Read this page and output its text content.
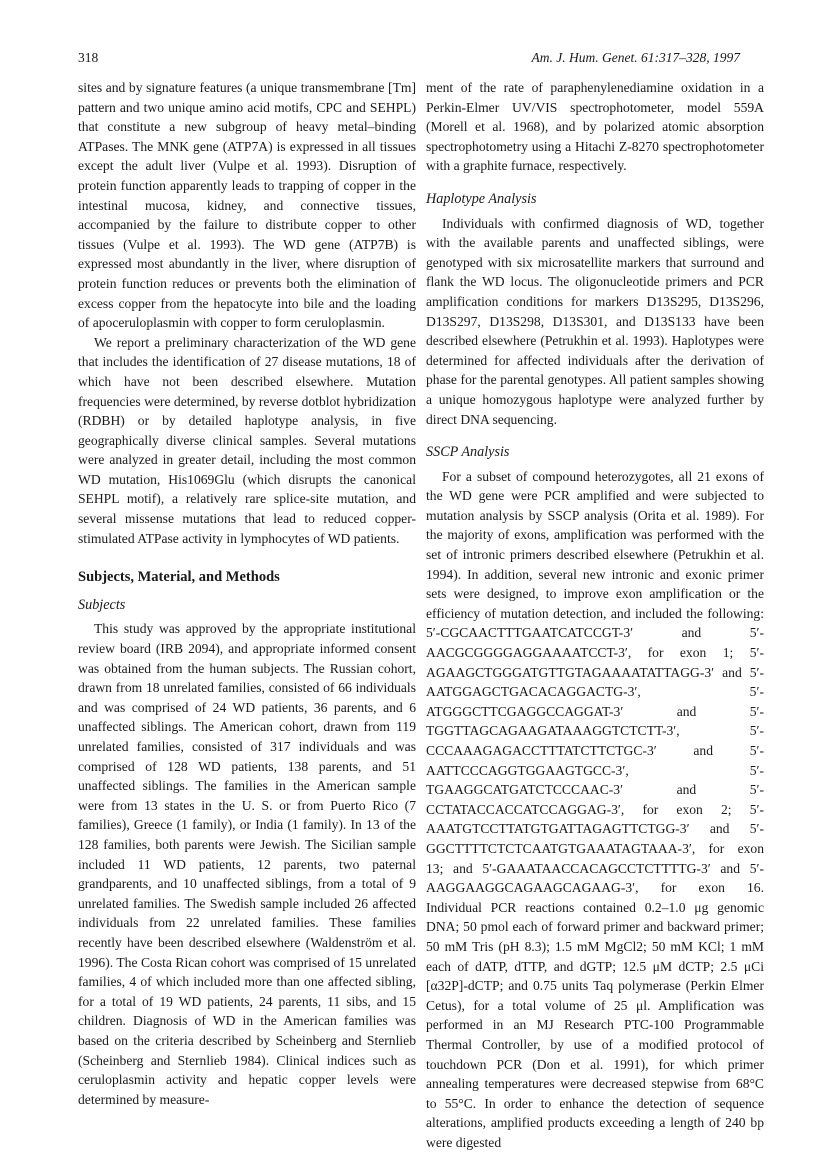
318	Am. J. Hum. Genet. 61:317–328, 1997

sites and by signature features (a unique transmembrane [Tm] pattern and two unique amino acid motifs, CPC and SEHPL) that constitute a new subgroup of heavy metal–binding ATPases. The MNK gene (ATP7A) is expressed in all tissues except the adult liver (Vulpe et al. 1993). Disruption of protein function apparently leads to trapping of copper in the intestinal mucosa, kidney, and connective tissues, accompanied by the failure to distribute copper to other tissues (Vulpe et al. 1993). The WD gene (ATP7B) is expressed most abundantly in the liver, where disruption of protein function reduces or prevents both the elimination of excess copper from the hepatocyte into bile and the loading of apoceruloplasmin with copper to form ceruloplasmin.

We report a preliminary characterization of the WD gene that includes the identification of 27 disease mutations, 18 of which have not been described elsewhere. Mutation frequencies were determined, by reverse dotblot hybridization (RDBH) or by detailed haplotype analysis, in five geographically diverse clinical samples. Several mutations were analyzed in greater detail, including the most common WD mutation, His1069Glu (which disrupts the canonical SEHPL motif), a relatively rare splice-site mutation, and several missense mutations that lead to reduced copper-stimulated ATPase activity in lymphocytes of WD patients.

Subjects, Material, and Methods
Subjects

This study was approved by the appropriate institutional review board (IRB 2094), and appropriate informed consent was obtained from the human subjects. The Russian cohort, drawn from 18 unrelated families, consisted of 66 individuals and was comprised of 24 WD patients, 36 parents, and 6 unaffected siblings. The American cohort, drawn from 119 unrelated families, consisted of 317 individuals and was comprised of 128 WD patients, 138 parents, and 51 unaffected siblings. The families in the American sample were from 13 states in the U. S. or from Puerto Rico (7 families), Greece (1 family), or India (1 family). In 13 of the 128 families, both parents were Jewish. The Sicilian sample included 11 WD patients, 12 parents, two paternal grandparents, and 10 unaffected siblings, from a total of 9 unrelated families. The Swedish sample included 26 affected individuals from 22 unrelated families. These families recently have been described elsewhere (Waldenström et al. 1996). The Costa Rican cohort was comprised of 15 unrelated families, 4 of which included more than one affected sibling, for a total of 19 WD patients, 24 parents, 11 sibs, and 15 children. Diagnosis of WD in the American families was based on the criteria described by Scheinberg and Sternlieb (Scheinberg and Sternlieb 1984). Clinical indices such as ceruloplasmin activity and hepatic copper levels were determined by measure-

ment of the rate of paraphenylenediamine oxidation in a Perkin-Elmer UV/VIS spectrophotometer, model 559A (Morell et al. 1968), and by polarized atomic absorption spectrophotometry using a Hitachi Z-8270 spectrophotometer with a graphite furnace, respectively.

Haplotype Analysis

Individuals with confirmed diagnosis of WD, together with the available parents and unaffected siblings, were genotyped with six microsatellite markers that surround and flank the WD locus. The oligonucleotide primers and PCR amplification conditions for markers D13S295, D13S296, D13S297, D13S298, D13S301, and D13S133 have been described elsewhere (Petrukhin et al. 1993). Haplotypes were determined for affected individuals after the derivation of phase for the parental genotypes. All patient samples showing a unique homozygous haplotype were analyzed further by direct DNA sequencing.

SSCP Analysis

For a subset of compound heterozygotes, all 21 exons of the WD gene were PCR amplified and were subjected to mutation analysis by SSCP analysis (Orita et al. 1989). For the majority of exons, amplification was performed with the set of intronic primers described elsewhere (Petrukhin et al. 1994). In addition, several new intronic and exonic primer sets were designed, to improve exon amplification or the efficiency of mutation detection, and included the following: 5′-CGCAACTTTGAATCATCCGT-3′ and 5′-AACGCGGGGAGGAAAATCCT-3′, for exon 1; 5′-AGAAGCTGGGATGTTGTAGAAAATATTAGG-3′ and 5′-AATGGAGCTGACACAGGACTG-3′, 5′-ATGGGCTTCGAGGCCAGGAT-3′ and 5′-TGGTTAGCAGAAGATAAAGGTCTCTT-3′, 5′-CCCAAAGAGACCTTTATCTTCTGC-3′ and 5′-AATTCCCAGGTGGAAGTGCC-3′, 5′-TGAAGGCATGATCTCCCAAC-3′ and 5′-CCTATACCACCATCCAGGAG-3′, for exon 2; 5′-AAATGTCCTTATGTGATTAGAGTTCTGG-3′ and 5′-GGCTTTTCTCTCAATGTGAAATAGTAAA-3′, for exon 13; and 5′-GAAATAACCACAGCCTCTTTTG-3′ and 5′-AAGGAAGGCAGAAGCAGAAG-3′, for exon 16. Individual PCR reactions contained 0.2–1.0 μg genomic DNA; 50 pmol each of forward primer and backward primer; 50 mM Tris (pH 8.3); 1.5 mM MgCl2; 50 mM KCl; 1 mM each of dATP, dTTP, and dGTP; 12.5 μM dCTP; 2.5 μCi [α32P]-dCTP; and 0.75 units Taq polymerase (Perkin Elmer Cetus), for a total volume of 25 μl. Amplification was performed in an MJ Research PTC-100 Programmable Thermal Controller, by use of a modified protocol of touchdown PCR (Don et al. 1991), for which primer annealing temperatures were decreased stepwise from 68°C to 55°C. In order to enhance the detection of sequence alterations, amplified products exceeding a length of 240 bp were digested
